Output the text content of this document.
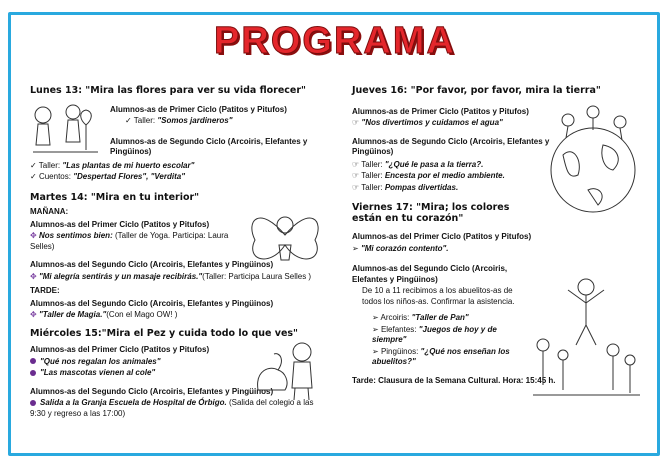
PROGRAMA
Lunes 13: "Mira las flores para ver su vida florecer"
Alumnos-as de Primer Ciclo (Patitos y Pitufos)
✓ Taller: "Somos jardineros"
Alumnos-as de Segundo Ciclo (Arcoiris, Elefantes y Pingüinos)
✓ Taller: "Las plantas de mi huerto escolar"
✓ Cuentos: "Despertad Flores", "Verdita"
Martes 14: "Mira en tu interior"
MAÑANA:
Alumnos-as del Primer Ciclo (Patitos y Pitufos)
✥ Nos sentimos bien: (Taller de Yoga. Participa: Laura Selles)
Alumnos-as del Segundo Ciclo (Arcoiris, Elefantes y Pingüinos)
✥ "Mi alegría sentirás y un masaje recibirás."(Taller: Participa Laura Selles )
TARDE:
Alumnos-as del Segundo Ciclo (Arcoiris, Elefantes y Pingüinos)
✥ "Taller de Magia."(Con el Mago OW! )
Miércoles 15:"Mira el Pez y cuida todo lo que ves"
Alumnos-as del Primer Ciclo (Patitos y Pitufos)
"Qué nos regalan los animales"
"Las mascotas vienen al cole"
Alumnos-as del Segundo Ciclo (Arcoiris, Elefantes y Pingüinos)
Salida a la Granja Escuela de Hospital de Órbigo. (Salida del colegio a las 9:30 y regreso a las 17:00)
Jueves 16: "Por favor, por favor, mira la tierra"
Alumnos-as de Primer Ciclo (Patitos y Pitufos)
☞ "Nos divertimos y cuidamos el agua"
Alumnos-as de Segundo Ciclo (Arcoiris, Elefantes y Pingüinos)
☞ Taller: "¿Qué le pasa a la tierra?.
☞ Taller: Encesta por el medio ambiente.
☞ Taller: Pompas divertidas.
Viernes 17: "Mira; los colores están en tu corazón"
Alumnos-as del Primer Ciclo (Patitos y Pitufos)
➢ "Mi corazón contento".
Alumnos-as del Segundo Ciclo (Arcoiris, Elefantes y Pingüinos)
De 10 a 11 recibimos a los abuelitos-as de todos los niños-as. Confirmar la asistencia.
➢ Arcoiris: "Taller de Pan"
➢ Elefantes: "Juegos de hoy y de siempre"
➢ Pingüinos: "¿Qué nos enseñan los abuelitos?"
Tarde: Clausura de la Semana Cultural. Hora: 15:45 h.
